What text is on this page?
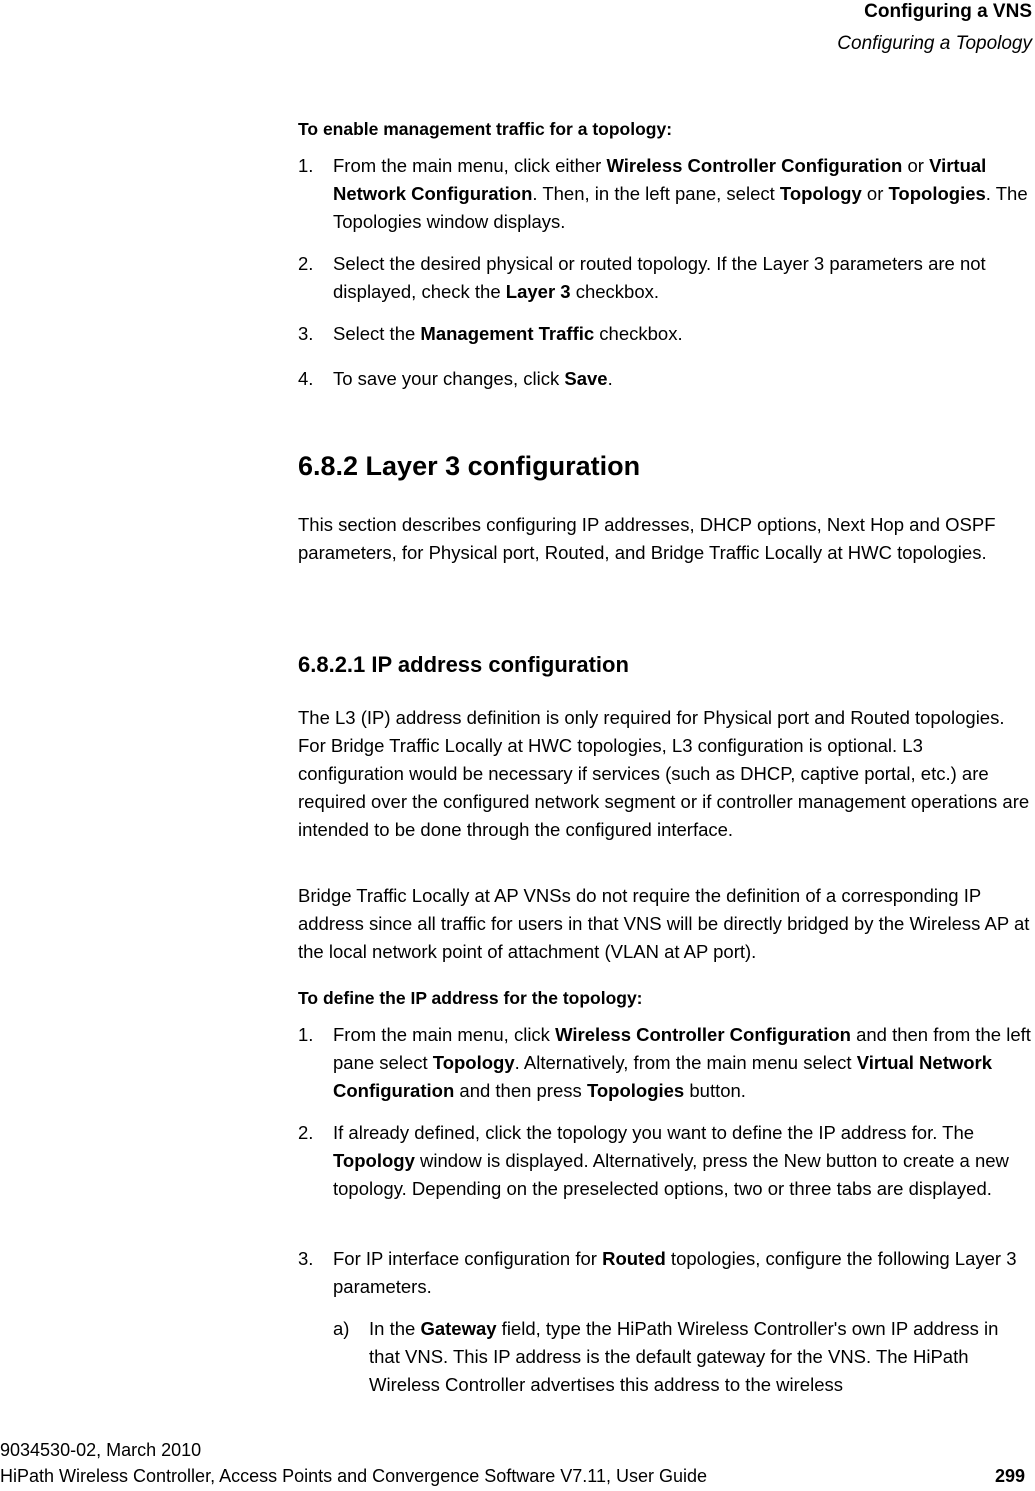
Configuring a VNS
Configuring a Topology
To enable management traffic for a topology:
1. From the main menu, click either Wireless Controller Configuration or Virtual Network Configuration. Then, in the left pane, select Topology or Topologies. The Topologies window displays.
2. Select the desired physical or routed topology. If the Layer 3 parameters are not displayed, check the Layer 3 checkbox.
3. Select the Management Traffic checkbox.
4. To save your changes, click Save.
6.8.2 Layer 3 configuration
This section describes configuring IP addresses, DHCP options, Next Hop and OSPF parameters, for Physical port, Routed, and Bridge Traffic Locally at HWC topologies.
6.8.2.1 IP address configuration
The L3 (IP) address definition is only required for Physical port and Routed topologies. For Bridge Traffic Locally at HWC topologies, L3 configuration is optional. L3 configuration would be necessary if services (such as DHCP, captive portal, etc.) are required over the configured network segment or if controller management operations are intended to be done through the configured interface.
Bridge Traffic Locally at AP VNSs do not require the definition of a corresponding IP address since all traffic for users in that VNS will be directly bridged by the Wireless AP at the local network point of attachment (VLAN at AP port).
To define the IP address for the topology:
1. From the main menu, click Wireless Controller Configuration and then from the left pane select Topology. Alternatively, from the main menu select Virtual Network Configuration and then press Topologies button.
2. If already defined, click the topology you want to define the IP address for. The Topology window is displayed. Alternatively, press the New button to create a new topology. Depending on the preselected options, two or three tabs are displayed.
3. For IP interface configuration for Routed topologies, configure the following Layer 3 parameters.
a) In the Gateway field, type the HiPath Wireless Controller's own IP address in that VNS. This IP address is the default gateway for the VNS. The HiPath Wireless Controller advertises this address to the wireless
9034530-02, March 2010
HiPath Wireless Controller, Access Points and Convergence Software V7.11, User Guide	299
